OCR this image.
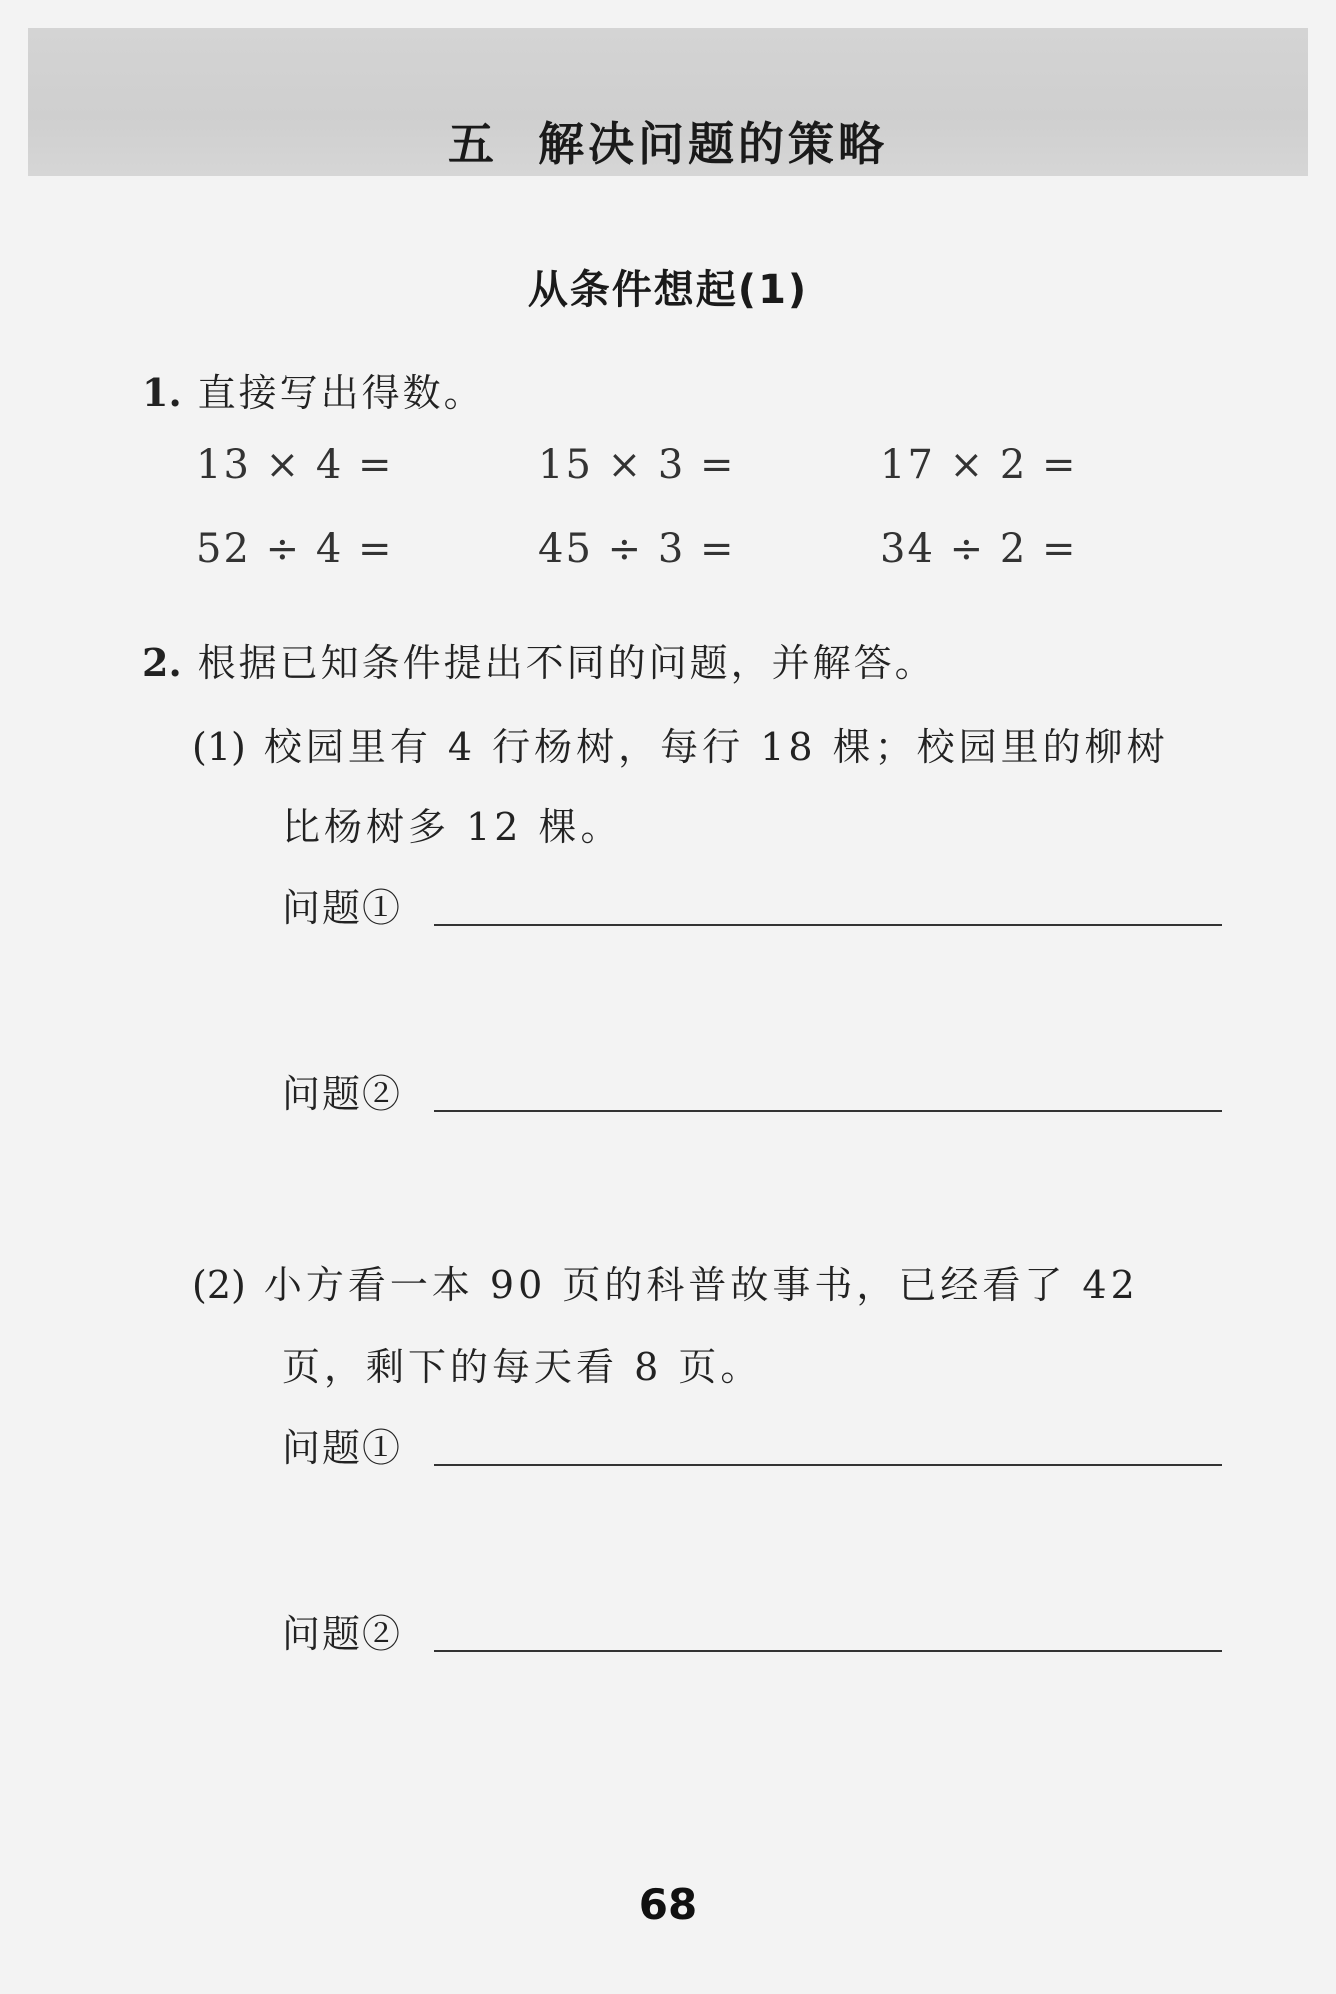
五 解决问题的策略
从条件想起(1)
1. 直接写出得数。
13 × 4 =	15 × 3 =	17 × 2 =
52 ÷ 4 =	45 ÷ 3 =	34 ÷ 2 =
2. 根据已知条件提出不同的问题，并解答。
(1) 校园里有 4 行杨树，每行 18 棵；校园里的柳树
比杨树多 12 棵。
问题①
问题②
(2) 小方看一本 90 页的科普故事书，已经看了 42
页，剩下的每天看 8 页。
问题①
问题②
68
